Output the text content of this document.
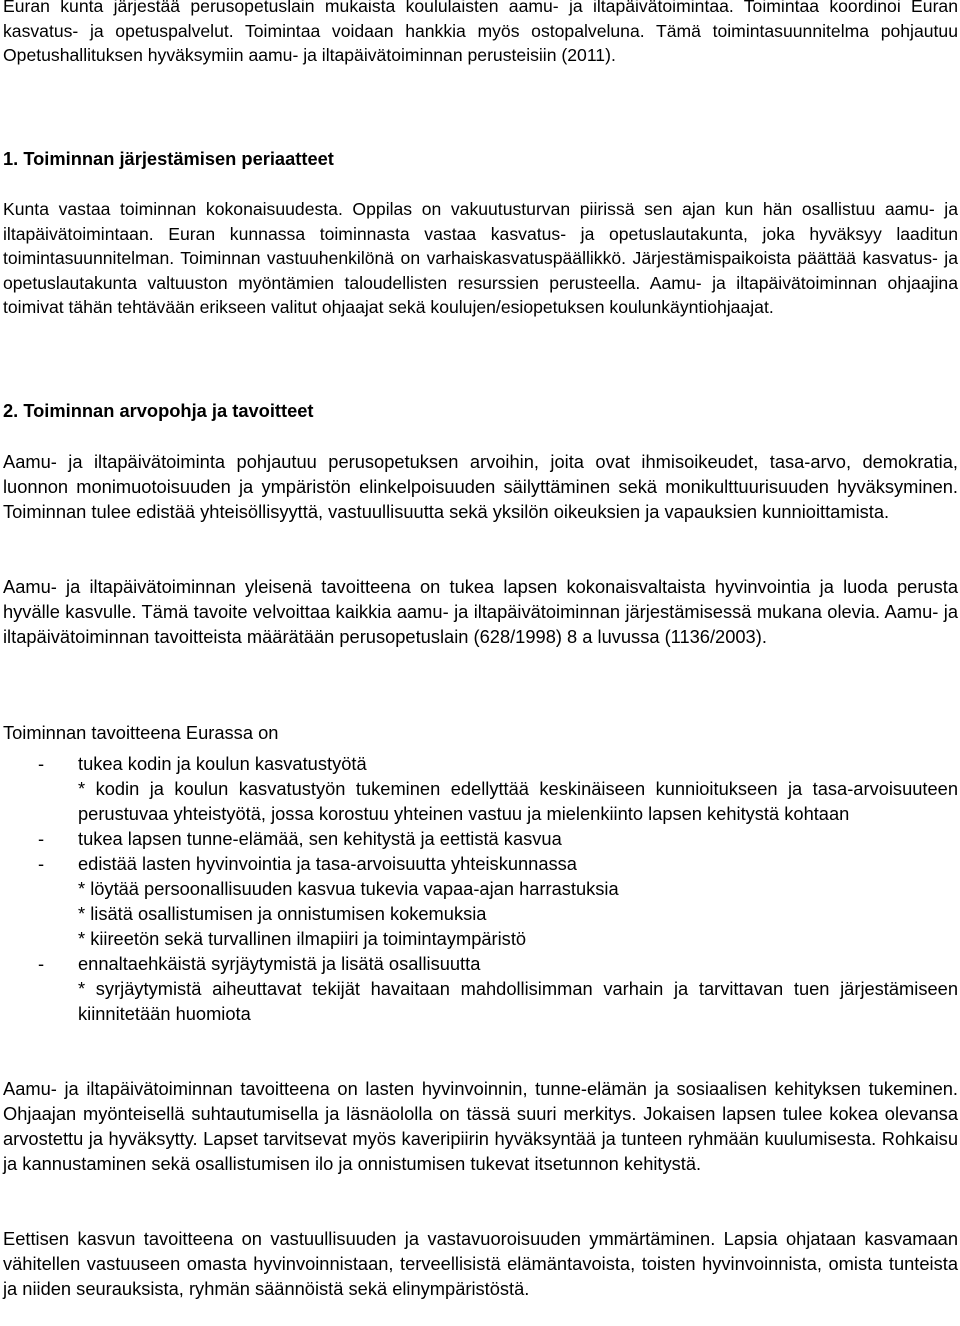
Euran kunta järjestää perusopetuslain mukaista koululaisten aamu- ja iltapäivätoimintaa. Toimintaa koordinoi Euran kasvatus- ja opetuspalvelut. Toimintaa voidaan hankkia myös ostopalveluna. Tämä toimintasuunnitelma pohjautuu Opetushallituksen hyväksymiin aamu- ja iltapäivätoiminnan perusteisiin (2011).

1. Toiminnan järjestämisen periaatteet

Kunta vastaa toiminnan kokonaisuudesta. Oppilas on vakuutusturvan piirissä sen ajan kun hän osallistuu aamu- ja iltapäivätoimintaan. Euran kunnassa toiminnasta vastaa kasvatus- ja opetuslautakunta, joka hyväksyy laaditun toimintasuunnitelman. Toiminnan vastuuhenkilönä on varhaiskasvatuspäällikkö. Järjestämispaikoista päättää kasvatus- ja opetuslautakunta valtuuston myöntämien taloudellisten resurssien perusteella. Aamu- ja iltapäivätoiminnan ohjaajina toimivat tähän tehtävään erikseen valitut ohjaajat sekä koulujen/esiopetuksen koulunkäyntiohjaajat.

2. Toiminnan arvopohja ja tavoitteet

Aamu- ja iltapäivätoiminta pohjautuu perusopetuksen arvoihin, joita ovat ihmisoikeudet, tasa-arvo, demokratia, luonnon monimuotoisuuden ja ympäristön elinkelpoisuuden säilyttäminen sekä monikulttuurisuuden hyväksyminen. Toiminnan tulee edistää yhteisöllisyyttä, vastuullisuutta sekä yksilön oikeuksien ja vapauksien kunnioittamista.

Aamu- ja iltapäivätoiminnan yleisenä tavoitteena on tukea lapsen kokonaisvaltaista hyvinvointia ja luoda perusta hyvälle kasvulle. Tämä tavoite velvoittaa kaikkia aamu- ja iltapäivätoiminnan järjestämisessä mukana olevia. Aamu- ja iltapäivätoiminnan tavoitteista määrätään perusopetuslain (628/1998) 8 a luvussa (1136/2003).

Toiminnan tavoitteena Eurassa on

- tukea kodin ja koulun kasvatustyötä

* kodin ja koulun kasvatustyön tukeminen edellyttää keskinäiseen kunnioitukseen ja tasa-arvoisuuteen perustuvaa yhteistyötä, jossa korostuu yhteinen vastuu ja mielenkiinto lapsen kehitystä kohtaan

- tukea lapsen tunne-elämää, sen kehitystä ja eettistä kasvua

- edistää lasten hyvinvointia ja tasa-arvoisuutta yhteiskunnassa

* löytää persoonallisuuden kasvua tukevia vapaa-ajan harrastuksia

* lisätä osallistumisen ja onnistumisen kokemuksia

* kiireetön sekä turvallinen ilmapiiri ja toimintaympäristö

- ennaltaehkäistä syrjäytymistä ja lisätä osallisuutta

* syrjäytymistä aiheuttavat tekijät havaitaan mahdollisimman varhain ja tarvittavan tuen järjestämiseen kiinnitetään huomiota

Aamu- ja iltapäivätoiminnan tavoitteena on lasten hyvinvoinnin, tunne-elämän ja sosiaalisen kehityksen tukeminen. Ohjaajan myönteisellä suhtautumisella ja läsnäololla on tässä suuri merkitys. Jokaisen lapsen tulee kokea olevansa arvostettu ja hyväksytty. Lapset tarvitsevat myös kaveripiirin hyväksyntää ja tunteen ryhmään kuulumisesta. Rohkaisu ja kannustaminen sekä osallistumisen ilo ja onnistumisen tukevat itsetunnon kehitystä.

Eettisen kasvun tavoitteena on vastuullisuuden ja vastavuoroisuuden ymmärtäminen. Lapsia ohjataan kasvamaan vähitellen vastuuseen omasta hyvinvoinnistaan, terveellisistä elämäntavoista, toisten hyvinvoinnista, omista tunteista ja niiden seurauksista, ryhmän säännöistä sekä elinympäristöstä.
